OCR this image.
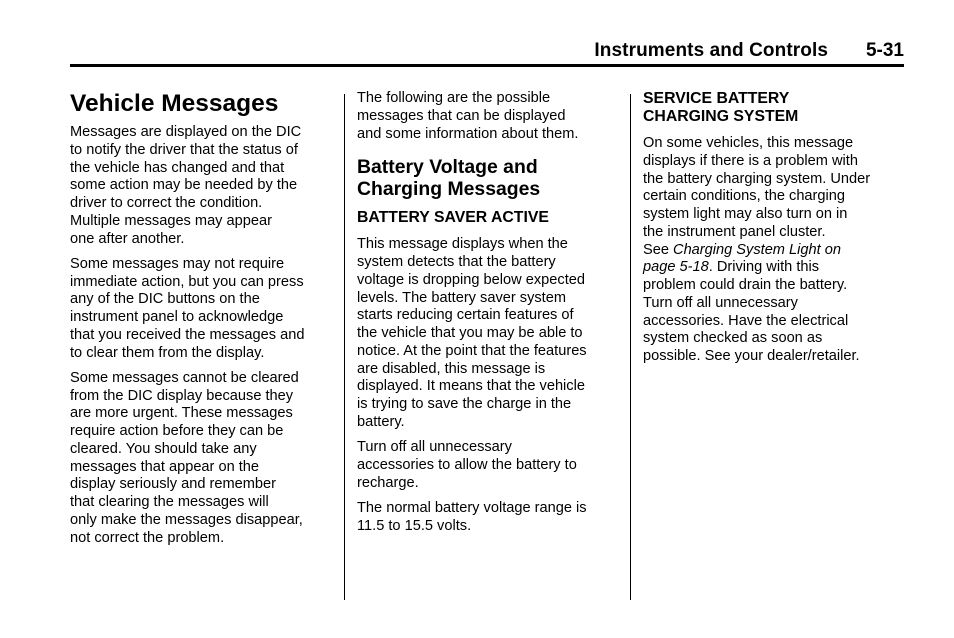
Instruments and Controls 5-31
Vehicle Messages

Messages are displayed on the DIC
to notify the driver that the status of
the vehicle has changed and that
some action may be needed by the
driver to correct the condition.
Multiple messages may appear
one after another.

Some messages may not require
immediate action, but you can press
any of the DIC buttons on the
instrument panel to acknowledge
that you received the messages and
to clear them from the display.

Some messages cannot be cleared
from the DIC display because they
are more urgent. These messages
require action before they can be
cleared. You should take any
messages that appear on the
display seriously and remember
that clearing the messages will
only make the messages disappear,
not correct the problem.

The following are the possible
messages that can be displayed
and some information about them.

Battery Voltage and
Charging Messages
BATTERY SAVER ACTIVE

This message displays when the
system detects that the battery
voltage is dropping below expected
levels. The battery saver system
starts reducing certain features of
the vehicle that you may be able to
notice. At the point that the features
are disabled, this message is
displayed. It means that the vehicle
is trying to save the charge in the
battery.

Turn off all unnecessary
accessories to allow the battery to
recharge.

The normal battery voltage range is
11.5 to 15.5 volts.

SERVICE BATTERY
CHARGING SYSTEM

On some vehicles, this message
displays if there is a problem with
the battery charging system. Under
certain conditions, the charging
system light may also turn on in
the instrument panel cluster.
See Charging System Light on
page 5-18. Driving with this
problem could drain the battery.
Turn off all unnecessary
accessories. Have the electrical
system checked as soon as
possible. See your dealer/retailer.
